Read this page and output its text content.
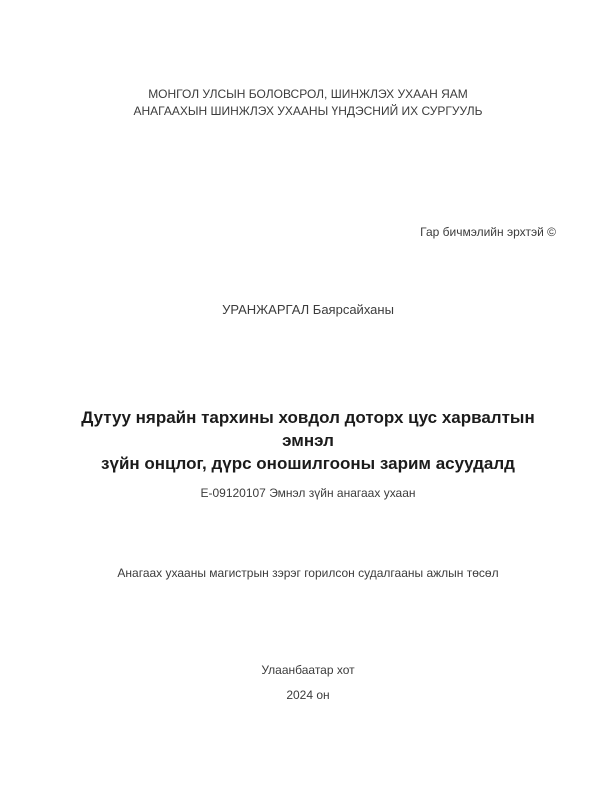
МОНГОЛ УЛСЫН БОЛОВСРОЛ, ШИНЖЛЭХ УХААН ЯАМ
АНАГААХЫН ШИНЖЛЭХ УХААНЫ ҮНДЭСНИЙ ИХ СУРГУУЛЬ
Гар бичмэлийн эрхтэй ©
УРАНЖАРГАЛ Баярсайханы
Дутуу нярайн тархины ховдол доторх цус харвалтын эмнэл
зүйн онцлог, дүрс оношилгооны зарим асуудалд
Е-09120107 Эмнэл зүйн анагаах ухаан
Анагаах ухааны магистрын зэрэг горилсон судалгааны ажлын төсөл
Улаанбаатар хот
2024 он
